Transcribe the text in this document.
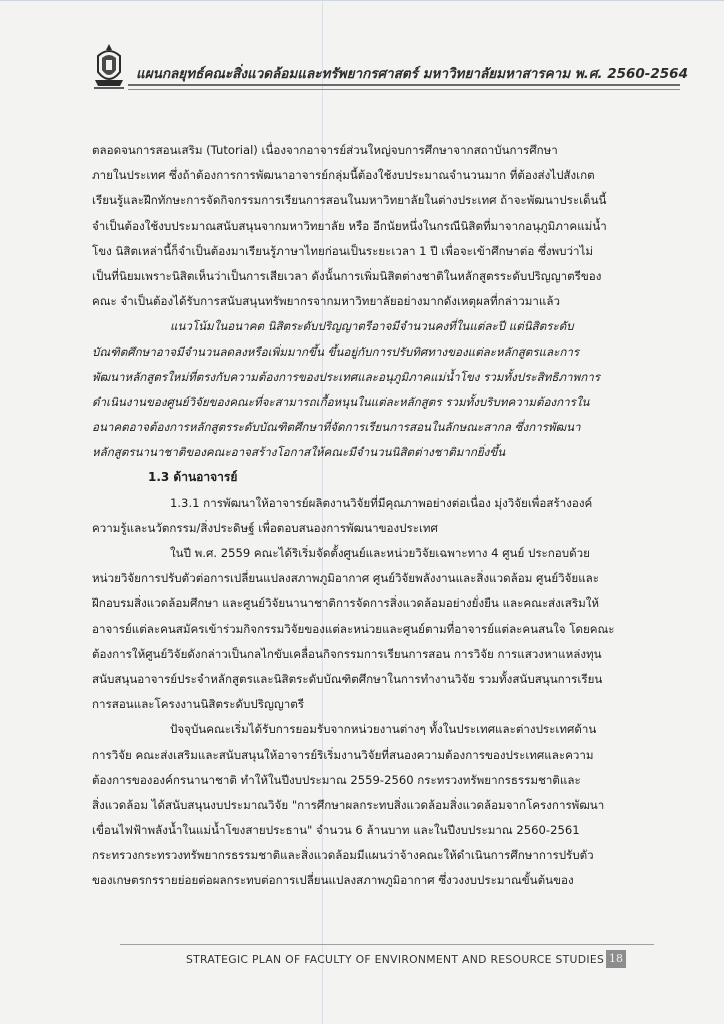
แผนกลยุทธ์คณะสิ่งแวดล้อมและทรัพยากรศาสตร์ มหาวิทยาลัยมหาสารคาม พ.ศ. 2560-2564
ตลอดจนการสอนเสริม (Tutorial) เนื่องจากอาจารย์ส่วนใหญ่จบการศึกษาจากสถาบันการศึกษา
ภายในประเทศ ซึ่งถ้าต้องการการพัฒนาอาจารย์กลุ่มนี้ต้องใช้งบประมาณจำนวนมาก ที่ต้องส่งไปสังเกต
เรียนรู้และฝึกทักษะการจัดกิจกรรมการเรียนการสอนในมหาวิทยาลัยในต่างประเทศ ถ้าจะพัฒนาประเด็นนี้
จำเป็นต้องใช้งบประมาณสนับสนุนจากมหาวิทยาลัย หรือ อีกนัยหนึ่งในกรณีนิสิตที่มาจากอนุภูมิภาคแม่น้ำ
โขง นิสิตเหล่านี้ก็จำเป็นต้องมาเรียนรู้ภาษาไทยก่อนเป็นระยะเวลา 1 ปี เพื่อจะเข้าศึกษาต่อ ซึ่งพบว่าไม่
เป็นที่นิยมเพราะนิสิตเห็นว่าเป็นการเสียเวลา ดังนั้นการเพิ่มนิสิตต่างชาติในหลักสูตรระดับปริญญาตรีของ
คณะ จำเป็นต้องได้รับการสนับสนุนทรัพยากรจากมหาวิทยาลัยอย่างมากดังเหตุผลที่กล่าวมาแล้ว
แนวโน้มในอนาคต นิสิตระดับปริญญาตรีอาจมีจำนวนคงที่ในแต่ละปี แต่นิสิตระดับ
บัณฑิตศึกษาอาจมีจำนวนลดลงหรือเพิ่มมากขึ้น ขึ้นอยู่กับการปรับทิศทางของแต่ละหลักสูตรและการ
พัฒนาหลักสูตรใหม่ที่ตรงกับความต้องการของประเทศและอนุภูมิภาคแม่น้ำโขง รวมทั้งประสิทธิภาพการ
ดำเนินงานของศูนย์วิจัยของคณะที่จะสามารถเกื้อหนุนในแต่ละหลักสูตร รวมทั้งบริบทความต้องการใน
อนาคตอาจต้องการหลักสูตรระดับบัณฑิตศึกษาที่จัดการเรียนการสอนในลักษณะสากล ซึ่งการพัฒนา
หลักสูตรนานาชาติของคณะอาจสร้างโอกาสให้คณะมีจำนวนนิสิตต่างชาติมากยิ่งขึ้น
1.3 ด้านอาจารย์
1.3.1 การพัฒนาให้อาจารย์ผลิตงานวิจัยที่มีคุณภาพอย่างต่อเนื่อง มุ่งวิจัยเพื่อสร้างองค์
ความรู้และนวัตกรรม/สิ่งประดิษฐ์ เพื่อตอบสนองการพัฒนาของประเทศ
ในปี พ.ศ. 2559 คณะได้ริเริ่มจัดตั้งศูนย์และหน่วยวิจัยเฉพาะทาง 4 ศูนย์ ประกอบด้วย
หน่วยวิจัยการปรับตัวต่อการเปลี่ยนแปลงสภาพภูมิอากาศ ศูนย์วิจัยพลังงานและสิ่งแวดล้อม ศูนย์วิจัยและ
ฝึกอบรมสิ่งแวดล้อมศึกษา และศูนย์วิจัยนานาชาติการจัดการสิ่งแวดล้อมอย่างยั่งยืน และคณะส่งเสริมให้
อาจารย์แต่ละคนสมัครเข้าร่วมกิจกรรมวิจัยของแต่ละหน่วยและศูนย์ตามที่อาจารย์แต่ละคนสนใจ โดยคณะ
ต้องการให้ศูนย์วิจัยดังกล่าวเป็นกลไกขับเคลื่อนกิจกรรมการเรียนการสอน การวิจัย การแสวงหาแหล่งทุน
สนับสนุนอาจารย์ประจำหลักสูตรและนิสิตระดับบัณฑิตศึกษาในการทำงานวิจัย รวมทั้งสนับสนุนการเรียน
การสอนและโครงงานนิสิตระดับปริญญาตรี
ปัจจุบันคณะเริ่มได้รับการยอมรับจากหน่วยงานต่างๆ ทั้งในประเทศและต่างประเทศด้าน
การวิจัย คณะส่งเสริมและสนับสนุนให้อาจารย์ริเริ่มงานวิจัยที่สนองความต้องการของประเทศและความ
ต้องการขององค์กรนานาชาติ ทำให้ในปีงบประมาณ 2559-2560 กระทรวงทรัพยากรธรรมชาติและ
สิ่งแวดล้อม ได้สนับสนุนงบประมาณวิจัย "การศึกษาผลกระทบสิ่งแวดล้อมสิ่งแวดล้อมจากโครงการพัฒนา
เขื่อนไฟฟ้าพลังน้ำในแม่น้ำโขงสายประธาน" จำนวน 6 ล้านบาท และในปีงบประมาณ 2560-2561
กระทรวงกระทรวงทรัพยากรธรรมชาติและสิ่งแวดล้อมมีแผนว่าจ้างคณะให้ดำเนินการศึกษาการปรับตัว
ของเกษตรกรรายย่อยต่อผลกระทบต่อการเปลี่ยนแปลงสภาพภูมิอากาศ ซึ่งวงงบประมาณขั้นต้นของ
STRATEGIC PLAN OF FACULTY OF ENVIRONMENT AND RESOURCE STUDIES 18
